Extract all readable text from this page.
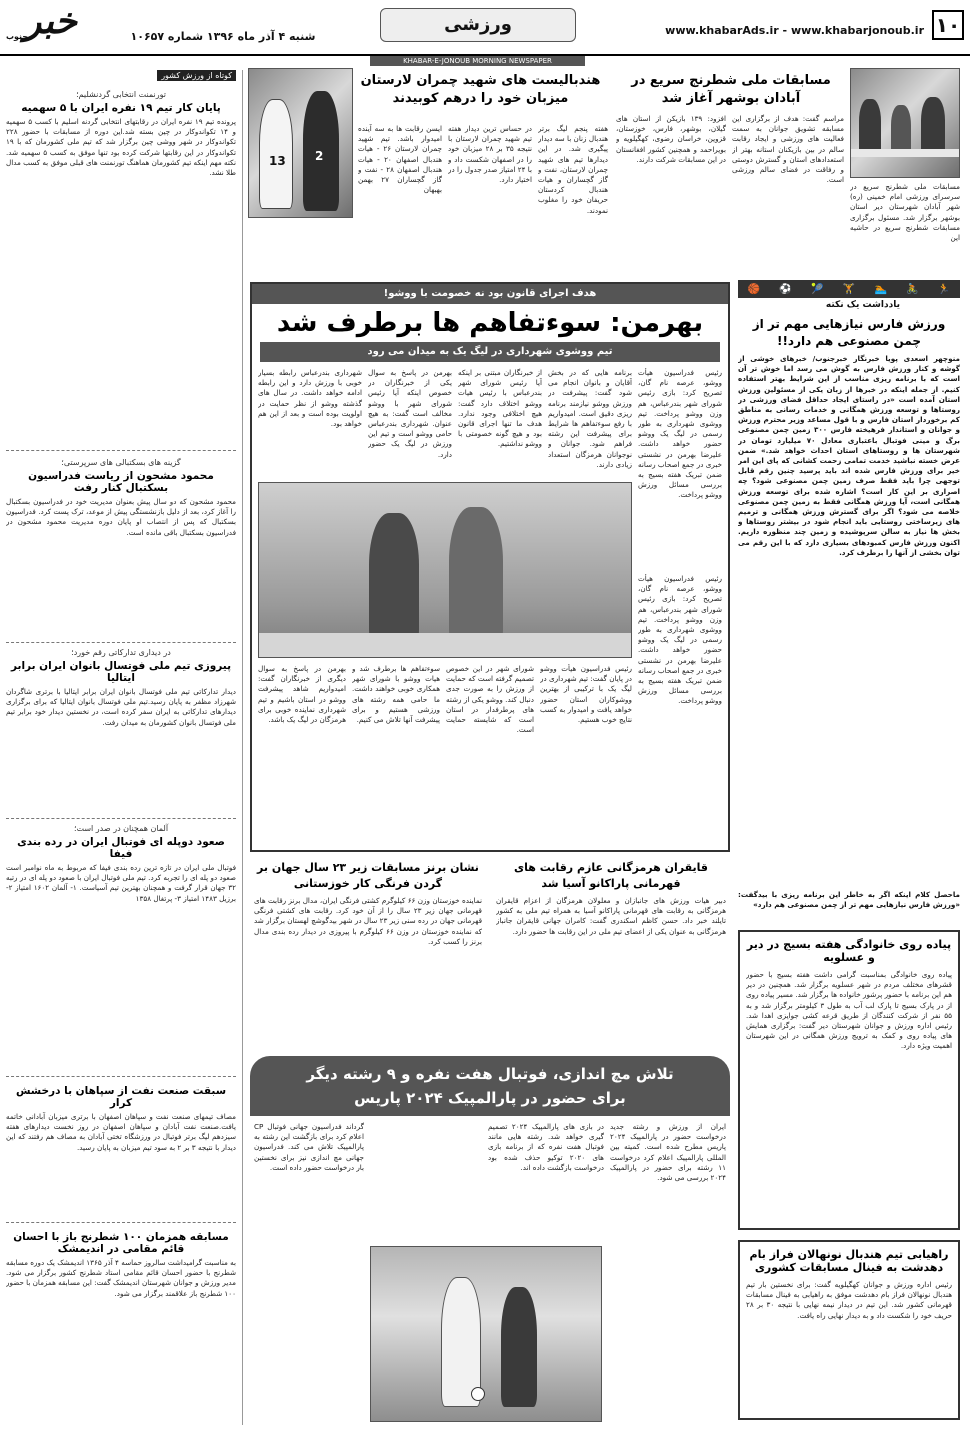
۱۰
www.khabarAds.ir - www.khabarjonoub.ir
ورزشی
شنبه ۴ آذر ماه ۱۳۹۶ شماره ۱۰۶۵۷
خبر
جنوب
KHABAR-E-JONOUB MORNING NEWSPAPER
کوتاه از ورزش کشور
تورنمنت انتخابی گردنشلیم؛
پایان کار تیم ۱۹ نفره ایران با ۵ سهمیه
پرونده تیم ۱۹ نفره ایران در رقابتهای انتخابی گردنه اسلیم با کسب ۵ سهمیه و ۱۴ تکواندوکار در چین بسته شد.این دوره از مسابقات با حضور ۲۲۸ تکواندوکار در شهر ووشی چین برگزار شد که تیم ملی کشورمان که با ۱۹ تکواندوکار در این رقابتها شرکت کرده بود تنها موفق به کسب ۵ سهمیه شد. نکته مهم اینکه تیم کشورمان هماهنگ تورنمنت های قبلی موفق به کسب مدال طلا نشد.
گزینه های بسکتبالی های سرپرستی؛
محمود مشحون از ریاست فدراسیون بسکتبال کنار رفت
محمود مشحون که دو سال پیش بعنوان مدیریت خود در فدراسیون بسکتبال را آغاز کرد، بعد از دلیل بازنشستگی پیش از موعد، ترک پست کرد. فدراسیون بسکتبال که پس از انتصاب او پایان دوره مدیریت محمود مشحون در فدراسیون بسکتبال باقی مانده است.
در دیداری تدارکاتی رقم خورد؛
پیروزی تیم ملی فوتسال بانوان ایران برابر ایتالیا
دیدار تدارکاتی تیم ملی فوتسال بانوان ایران برابر ایتالیا با برتری شاگردان شهرزاد مظفر به پایان رسید.تیم ملی فوتسال بانوان ایتالیا که برای برگزاری دیدارهای تدارکاتی به ایران سفر کرده است، در نخستین دیدار خود برابر تیم ملی فوتسال بانوان کشورمان به میدان رفت.
آلمان همچنان در صدر است؛
صعود دوپله ای فوتبال ایران در رده بندی فیفا
فوتبال ملی ایران در تازه ترین رده بندی فیفا که مربوط به ماه نوامبر است صعود دو پله ای را تجربه کرد. تیم ملی فوتبال ایران با صعود دو پله ای در رتبه ۳۲ جهان قرار گرفت و همچنان بهترین تیم آسیاست. ۱- آلمان ۱۶۰۲ امتیاز ۲- برزیل ۱۴۸۳ امتیاز ۳- پرتغال ۱۳۵۸
سبقت صنعت نفت از سپاهان با درخشش کرار
مصاف تیمهای صنعت نفت و سپاهان اصفهان با برتری میزبان آبادانی خاتمه یافت.صنعت نفت آبادان و سپاهان اصفهان در روز نخست دیدارهای هفته سیزدهم لیگ برتر فوتبال در ورزشگاه تختی آبادان به مصاف هم رفتند که این دیدار با نتیجه ۳ بر ۲ به سود تیم میزبان به پایان رسید.
مسابقه همزمان ۱۰۰ شطرنج باز با احسان قائم مقامی در اندیمشک
به مناسبت گرامیداشت سالروز حماسه ۴ آذر ۱۳۶۵ اندیمشک یک دوره مسابقه شطرنج با حضور احسان قائم مقامی استاد شطرنج کشور برگزار می شود. مدیر ورزش و جوانان شهرستان اندیمشک گفت: این مسابقه همزمان با حضور ۱۰۰ شطرنج باز علاقمند برگزار می شود.
13 2
هندبالیست های شهید چمران لارستان میزبان خود را درهم کوبیدند
هفته پنجم لیگ برتر هندبال زنان با سه دیدار پیگیری شد. در این دیدارها تیم های شهید چمران لارستان، نفت و گاز گچساران و هیات هندبال کردستان حریفان خود را مغلوب نمودند.
در حساس ترین دیدار هفته تیم شهید چمران لارستان با نتیجه ۳۵ بر ۲۸ میزبان خود را در اصفهان شکست داد و با ۲۴ امتیاز صدر جدول را در اختیار دارد.
ایسن رقابت ها به سه آینده امیدوار باشد. تیم شهید چمران لارستان ۲۶ - هیات هندبال اصفهان ۲۰ - هیات هندبال اصفهان ۲۸ - نفت و گاز گچساران ۲۷ بهمن بهبهان
مسابقات ملی شطرنج سریع در آبادان بوشهر آغاز شد
افزود: ۱۳۹ بازیکن از استان های گیلان، بوشهر، فارس، خوزستان، قزوین، خراسان رضوی، کهگیلویه و بویراحمد و همچنین کشور افغانستان در این مسابقات شرکت دارند.
مراسم گفت: هدف از برگزاری این مسابقه تشویق جوانان به سمت فعالیت های ورزشی و ایجاد رقابت سالم در بین بازیکنان استانه بهتر از استعدادهای استان و گسترش دوستی و رفاقت در فضای سالم ورزشی است.
مسابقات ملی شطرنج سریع در سرسرای ورزشی امام خمینی (ره) شهر آبادان شهرستان دیر استان بوشهر برگزار شد. مسئول برگزاری مسابقات شطرنج سریع در حاشیه این
🏃
🚴
🏊
🏋
🎾
⚽
🏀
هدف اجرای قانون بود نه خصومت با ووشو!
بهرمن: سوءتفاهم ها برطرف شد
تیم ووشوی شهرداری در لیگ یک به میدان می رود
رئیس فدراسیون هیأت ووشو، عرصه نام گان، تصریح کرد: بازی رئیس شورای شهر بندرعباس، هم وزن ووشو پرداخت. تیم ووشوی شهرداری به طور رسمی در لیگ یک ووشو حضور خواهد داشت. علیرضا بهرمن در نشستی خبری در جمع اصحاب رسانه ضمن تبریک هفته بسیج به بررسی مسائل ورزش ووشو پرداخت.
برنامه هایی که در بخش آقایان و بانوان انجام می شود گفت: پیشرفت در ورزش ووشو نیازمند برنامه ریزی دقیق است. امیدواریم با رفع سوءتفاهم ها شرایط برای پیشرفت این رشته فراهم شود. جوانان و نوجوانان هرمزگان استعداد زیادی دارند.
از خبرنگاران مبتنی بر اینکه آیا رئیس شورای شهر بندرعباس با رئیس هیات ووشو اختلاف دارد گفت: هیچ اختلافی وجود ندارد. هدف ما تنها اجرای قانون بود و هیچ گونه خصومتی با ووشو نداشتیم.
بهرمن در پاسخ به سوال یکی از خبرنگاران در خصوص اینکه آیا رئیس شورای شهر با ووشو مخالف است گفت: به هیچ عنوان. شهرداری بندرعباس حامی ووشو است و تیم این ورزش در لیگ یک حضور دارد.
شهرداری بندرعباس رابطه بسیار خوبی با ورزش دارد و این رابطه ادامه خواهد داشت. در سال های گذشته ووشو از نظر حمایت در اولویت بوده است و بعد از این هم خواهد بود.
بهرمن در پاسخ به سوال دیگری از خبرنگاران گفت: امیدواریم شاهد پیشرفت ووشو در استان باشیم و تیم شهرداری نماینده خوبی برای هرمزگان در لیگ یک باشد.
سوءتفاهم ها برطرف شد و هیات ووشو با شورای شهر همکاری خوبی خواهند داشت. ما حامی همه رشته های ورزشی هستیم و برای پیشرفت آنها تلاش می کنیم.
شورای شهر در این خصوص تصمیم گرفته است که حمایت از ورزش را به صورت جدی دنبال کند. ووشو یکی از رشته های پرطرفدار در استان است که شایسته حمایت است.
رئیس فدراسیون هیأت ووشو در پایان گفت: تیم شهرداری در لیگ یک با ترکیبی از بهترین ووشوکاران استان حضور خواهد یافت و امیدوار به کسب نتایج خوب هستیم.
رئیس فدراسیون هیأت ووشو، عرصه نام گان، تصریح کرد: بازی رئیس شورای شهر بندرعباس، هم وزن ووشو پرداخت. تیم ووشوی شهرداری به طور رسمی در لیگ یک ووشو حضور خواهد داشت. علیرضا بهرمن در نشستی خبری در جمع اصحاب رسانه ضمن تبریک هفته بسیج به بررسی مسائل ورزش ووشو پرداخت.
یادداشت یک نکته
ورزش فارس نیازهایی مهم تر از چمن مصنوعی هم دارد!!
منوچهر اسعدی پویا خبرنگار خبرجنوب/ خبرهای خوشی از گوشه و کنار ورزش فارس به گوش می رسد اما خوش تر آن است که با برنامه ریزی مناسب از این شرایط بهتر استفاده کنیم. از جمله اینکه در خبرها از زبان یکی از مسئولین ورزش استان آمده است «در راستای ایجاد حداقل فضای ورزشی در روستاها و توسعه ورزش همگانی و خدمات رسانی به مناطق کم برخوردار استان فارس و با قول مساعد وزیر محترم ورزش و جوانان و استاندار فرهیخته فارس ۳۰۰ زمین چمن مصنوعی برگ و مینی فوتبال باعتباری معادل ۷۰ میلیارد تومان در شهرستان ها و روستاهای استان احداث خواهد شد.» ضمن عرض خسته نباشید خدمت تمامی زحمت کشانی که پای این امر خیر برای ورزش فارس شده اند باید پرسید چنین رقم قابل توجهی چرا باید فقط صرف زمین چمن مصنوعی شود؟ چه اصراری بر این کار است؟ اشاره شده برای توسعه ورزش همگانی است، آیا ورزش همگانی فقط به زمین چمن مصنوعی خلاصه می شود؟ اگر برای گسترش ورزش همگانی و ترمیم های زیرساختی روستایی باید انجام شود در بیشتر روستاها و بخش ها نیاز به سالن سرپوشیده و زمین چند منظوره داریم. اکنون ورزش فارس کمبودهای بسیاری دارد که با این رقم می توان بخشی از آنها را برطرف کرد.
ماحصل کلام اینکه اگر به خاطر این برنامه ریزی با بیدگفت: «ورزش فارس نیازهایی مهم تر از چمن مصنوعی هم دارد»
پیاده روی خانوادگی هفته بسیج در دیر و عسلویه
پیاده روی خانوادگی بمناسبت گرامی داشت هفته بسیج با حضور قشرهای مختلف مردم در شهر عسلویه برگزار شد. همچنین در دیر هم این برنامه با حضور پرشور خانواده ها برگزار شد. مسیر پیاده روی از در پارک بسیج تا پارک لب آب به طول ۳ کیلومتر برگزار شد و به ۵۵ نفر از شرکت کنندگان از طریق قرعه کشی جوایزی اهدا شد. رئیس اداره ورزش و جوانان شهرستان دیر گفت: برگزاری همایش های پیاده روی و کمک به ترویج ورزش همگانی در این شهرستان اهمیت ویژه دارد.
راهیابی تیم هندبال نونهالان فراز بام دهدشت به فینال مسابقات کشوری
رئیس اداره ورزش و جوانان کهگیلویه گفت: برای نخستین بار تیم هندبال نونهالان فراز بام دهدشت موفق به راهیابی به فینال مسابقات قهرمانی کشور شد. این تیم در دیدار نیمه نهایی با نتیجه ۳۰ بر ۲۸ حریف خود را شکست داد و به دیدار نهایی راه یافت.
نشان برنز مسابقات زیر ۲۳ سال جهان بر گردن فرنگی کار خوزستانی
نماینده خوزستان وزن ۶۶ کیلوگرم کشتی فرنگی ایران، مدال برنز رقابت های قهرمانی جهان زیر ۲۳ سال را از آن خود کرد. رقابت های کشتی فرنگی قهرمانی جهان در رده سنی زیر ۲۳ سال در شهر بیدگوشچ لهستان برگزار شد که نماینده خوزستان در وزن ۶۶ کیلوگرم با پیروزی در دیدار رده بندی مدال برنز را کسب کرد.
قایقران هرمزگانی عازم رقابت های قهرمانی پاراکانو آسیا شد
دبیر هیات ورزش های جانبازان و معلولان هرمزگان از اعزام قایقران هرمزگانی به رقابت های قهرمانی پاراکانو آسیا به همراه تیم ملی به کشور تایلند خبر داد. حسن کاظم اسکندری گفت: کامران جهانی قایقران جانباز هرمزگانی به عنوان یکی از اعضای تیم ملی در این رقابت ها حضور دارد.
تلاش مچ اندازی، فوتبال هفت نفره و ۹ رشته دیگر
برای حضور در پارالمپیک ۲۰۲۴ پاریس
ایران از ورزش و رشته جدید درخواست حضور در پارالمپیک ۲۰۲۴ پاریس مطرح شده است. کمیته بین المللی پارالمپیک اعلام کرد درخواست ۱۱ رشته برای حضور در پارالمپیک ۲۰۲۴ بررسی می شود.
در بازی های پارالمپیک ۲۰۲۴ تصمیم گیری خواهد شد. رشته هایی مانند فوتبال هفت نفره که از برنامه بازی های ۲۰۲۰ توکیو حذف شده بود درخواست بازگشت داده اند.
گرداند فدراسیون جهانی فوتبال CP اعلام کرد برای بازگشت این رشته به پارالمپیک تلاش می کند. فدراسیون جهانی مچ اندازی نیز برای نخستین بار درخواست حضور داده است.
